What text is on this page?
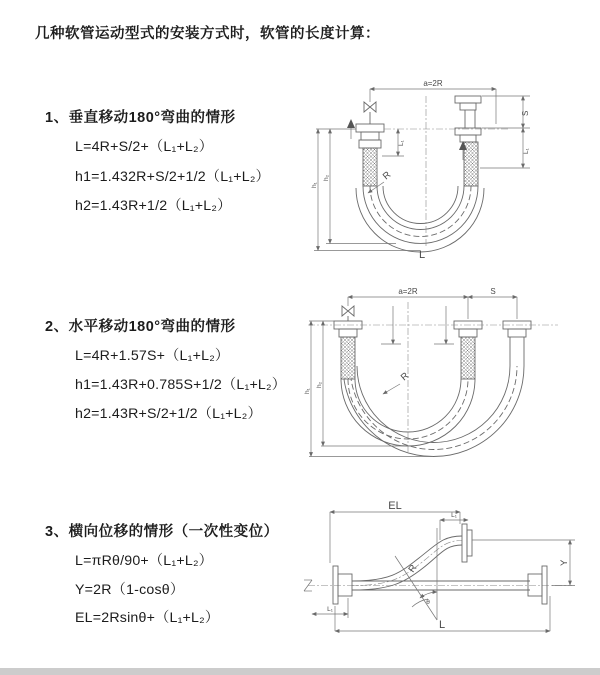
几种软管运动型式的安装方式时，软管的长度计算：
1、垂直移动180°弯曲的情形
L=4R+S/2+（L₁+L₂）
h1=1.432R+S/2+1/2（L₁+L₂）
h2=1.43R+1/2（L₁+L₂）
2、水平移动180°弯曲的情形
L=4R+1.57S+（L₁+L₂）
h1=1.43R+0.785S+1/2（L₁+L₂）
h2=1.43R+S/2+1/2（L₁+L₂）
3、横向位移的情形（一次性变位）
L=πRθ/90+（L₁+L₂）
Y=2R（1-cosθ）
EL=2Rsinθ+（L₁+L₂）
a=2R
h₁
h₂
L₁
S
L₁
R
L
a=2R	S
h₁
h₂
R
EL
L₁
L₁
L
Y
θ
R
